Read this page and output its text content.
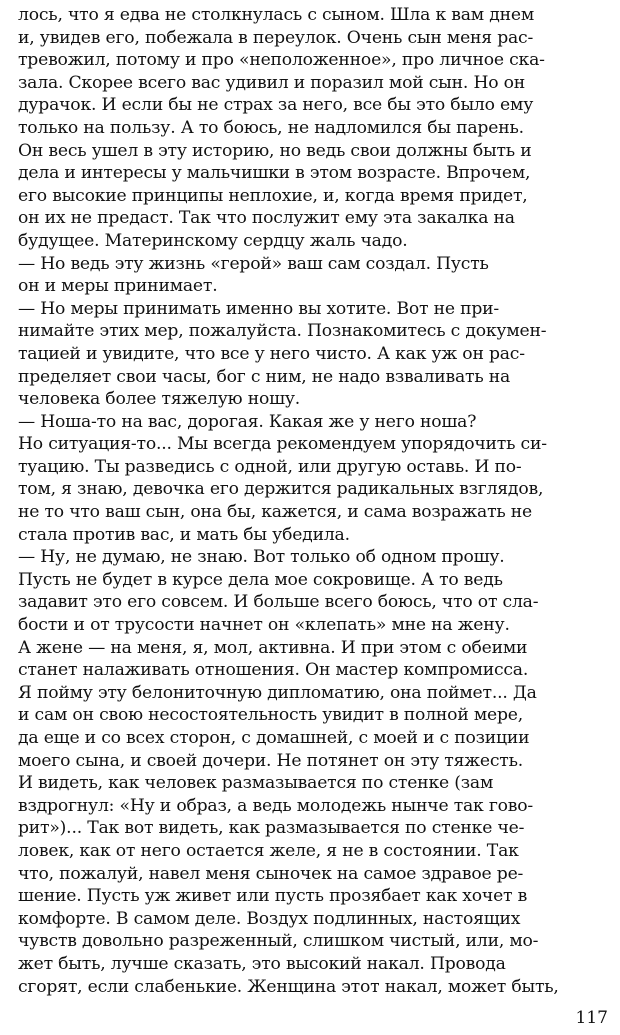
лось, что я едва не столкнулась с сыном. Шла к вам днем
и, увидев его, побежала в переулок. Очень сын меня рас-
тревожил, потому и про «неположенное», про личное ска-
зала. Скорее всего вас удивил и поразил мой сын. Но он
дурачок. И если бы не страх за него, все бы это было ему
только на пользу. А то боюсь, не надломился бы парень.
Он весь ушел в эту историю, но ведь свои должны быть и
дела и интересы у мальчишки в этом возрасте. Впрочем,
его высокие принципы неплохие, и, когда время придет,
он их не предаст. Так что послужит ему эта закалка на
будущее. Материнскому сердцу жаль чадо.
— Но ведь эту жизнь «герой» ваш сам создал. Пусть
он и меры принимает.
— Но меры принимать именно вы хотите. Вот не при-
нимайте этих мер, пожалуйста. Познакомитесь с докумен-
тацией и увидите, что все у него чисто. А как уж он рас-
пределяет свои часы, бог с ним, не надо взваливать на
человека более тяжелую ношу.
— Ноша-то на вас, дорогая. Какая же у него ноша?
Но ситуация-то... Мы всегда рекомендуем упорядочить си-
туацию. Ты разведись с одной, или другую оставь. И по-
том, я знаю, девочка его держится радикальных взглядов,
не то что ваш сын, она бы, кажется, и сама возражать не
стала против вас, и мать бы убедила.
— Ну, не думаю, не знаю. Вот только об одном прошу.
Пусть не будет в курсе дела мое сокровище. А то ведь
задавит это его совсем. И больше всего боюсь, что от сла-
бости и от трусости начнет он «клепать» мне на жену.
А жене — на меня, я, мол, активна. И при этом с обеими
станет налаживать отношения. Он мастер компромисса.
Я пойму эту белониточную дипломатию, она поймет... Да
и сам он свою несостоятельность увидит в полной мере,
да еще и со всех сторон, с домашней, с моей и с позиции
моего сына, и своей дочери. Не потянет он эту тяжесть.
И видеть, как человек размазывается по стенке (зам
вздрогнул: «Ну и образ, а ведь молодежь нынче так гово-
рит»)... Так вот видеть, как размазывается по стенке че-
ловек, как от него остается желе, я не в состоянии. Так
что, пожалуй, навел меня сыночек на самое здравое ре-
шение. Пусть уж живет или пусть прозябает как хочет в
комфорте. В самом деле. Воздух подлинных, настоящих
чувств довольно разреженный, слишком чистый, или, мо-
жет быть, лучше сказать, это высокий накал. Провода
сгорят, если слабенькие. Женщина этот накал, может быть,
117
